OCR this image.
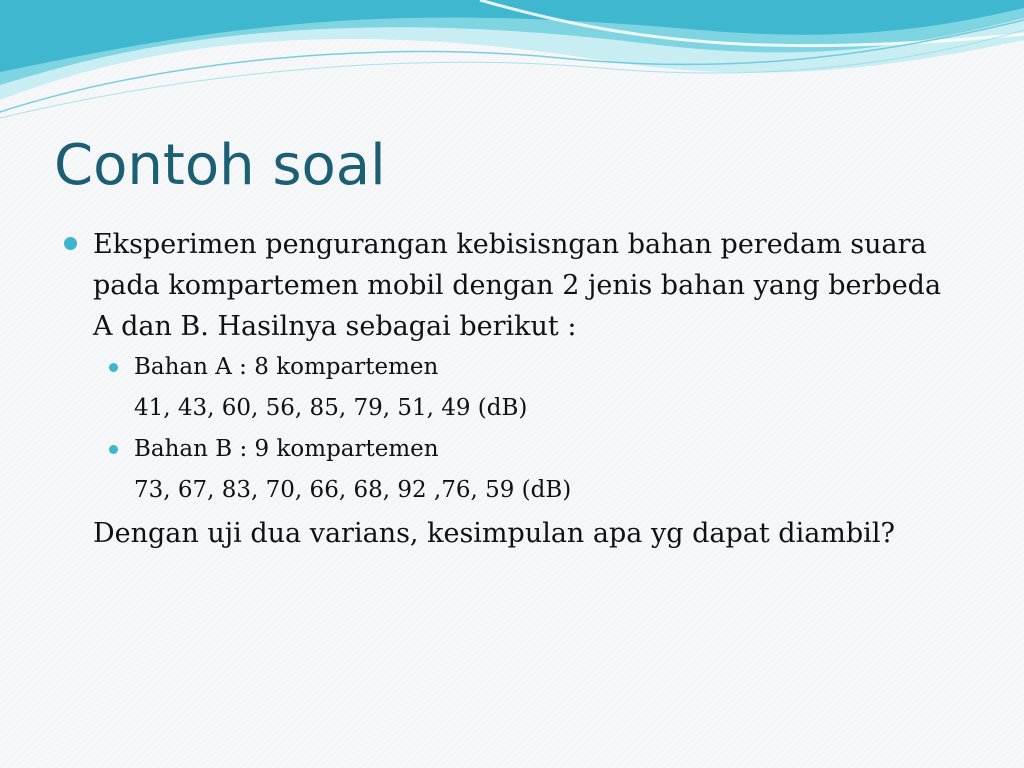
Contoh soal
Eksperimen pengurangan kebisisngan bahan peredam suara pada kompartemen mobil dengan 2 jenis bahan yang berbeda A dan B. Hasilnya sebagai berikut :
Bahan A : 8 kompartemen
41, 43, 60, 56, 85, 79, 51, 49 (dB)
Bahan B : 9 kompartemen
73, 67, 83, 70, 66, 68, 92 ,76, 59 (dB)
Dengan uji dua varians, kesimpulan apa yg dapat diambil?
